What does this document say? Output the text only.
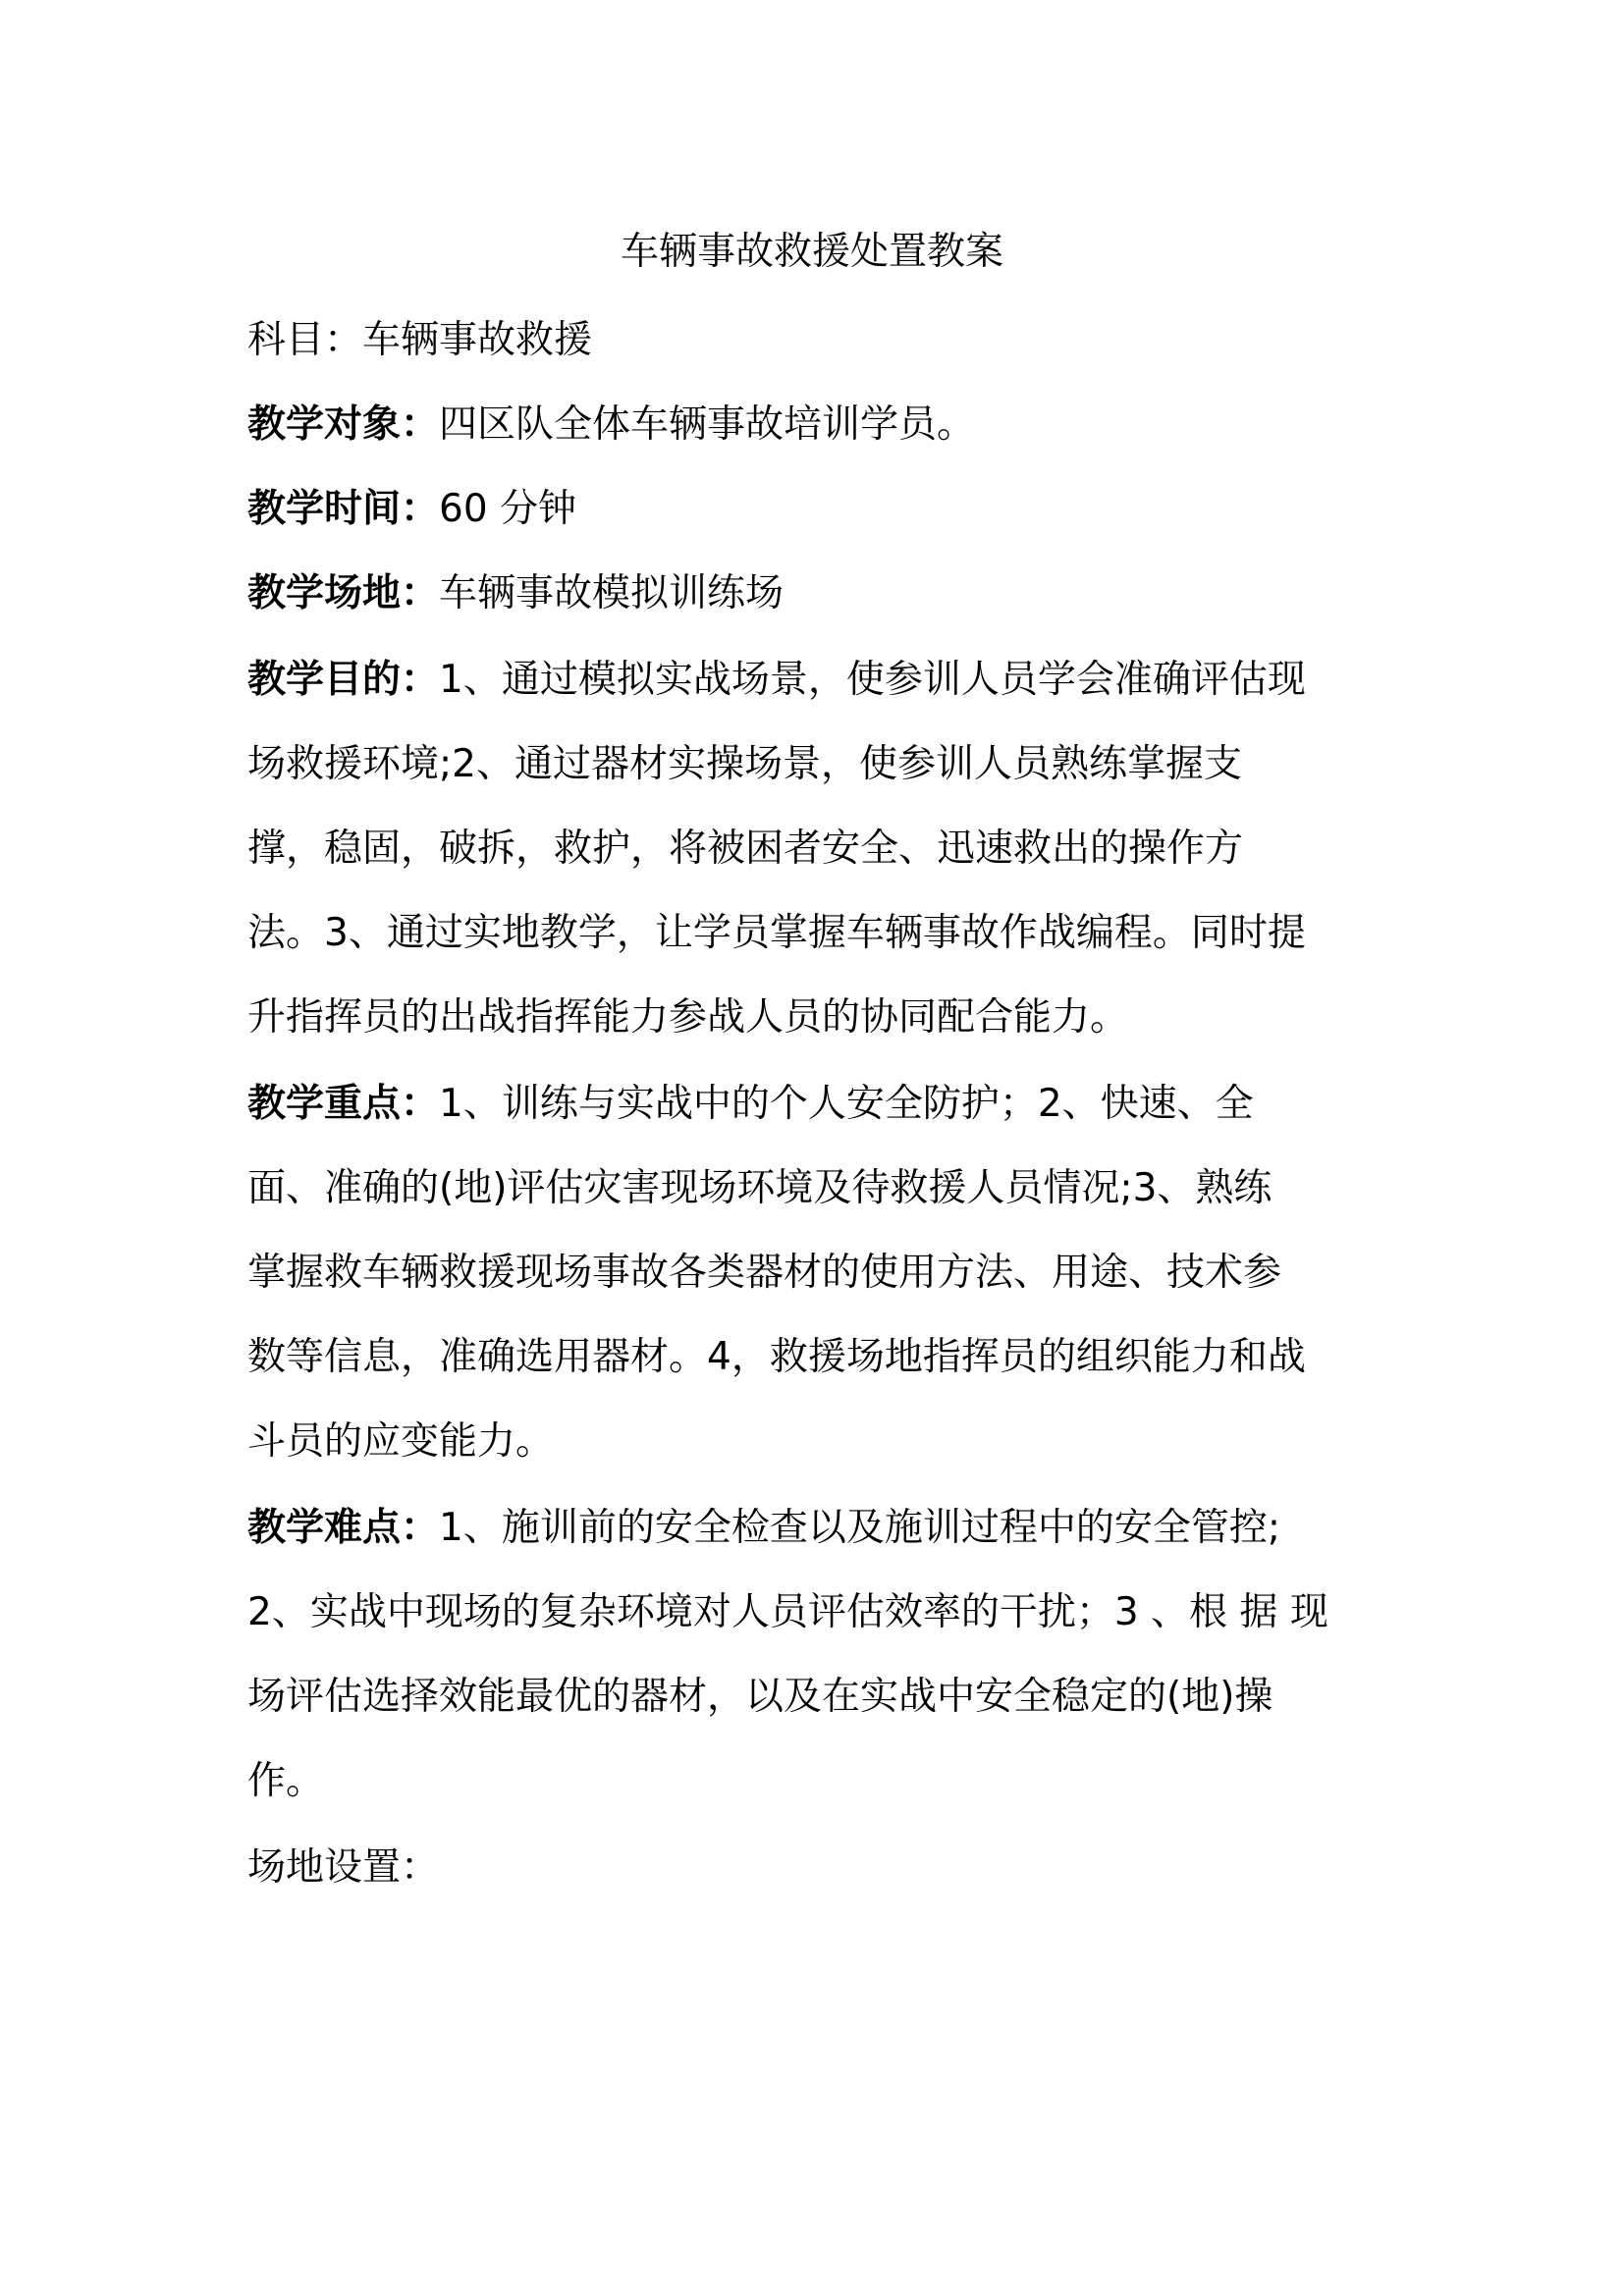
车辆事故救援处置教案
科目：车辆事故救援
教学对象：四区队全体车辆事故培训学员。
教学时间：60 分钟
教学场地：车辆事故模拟训练场
教学目的：1、通过模拟实战场景，使参训人员学会准确评估现
场救援环境;2、通过器材实操场景，使参训人员熟练掌握支
撑，稳固，破拆，救护，将被困者安全、迅速救出的操作方
法。3、通过实地教学，让学员掌握车辆事故作战编程。同时提
升指挥员的出战指挥能力参战人员的协同配合能力。
教学重点：1、训练与实战中的个人安全防护；2、快速、全
面、准确的(地)评估灾害现场环境及待救援人员情况;3、熟练
掌握救车辆救援现场事故各类器材的使用方法、用途、技术参
数等信息，准确选用器材。4，救援场地指挥员的组织能力和战
斗员的应变能力。
教学难点：1、施训前的安全检查以及施训过程中的安全管控;
2、实战中现场的复杂环境对人员评估效率的干扰；3 、根 据 现
场评估选择效能最优的器材，以及在实战中安全稳定的(地)操
作。
场地设置：
